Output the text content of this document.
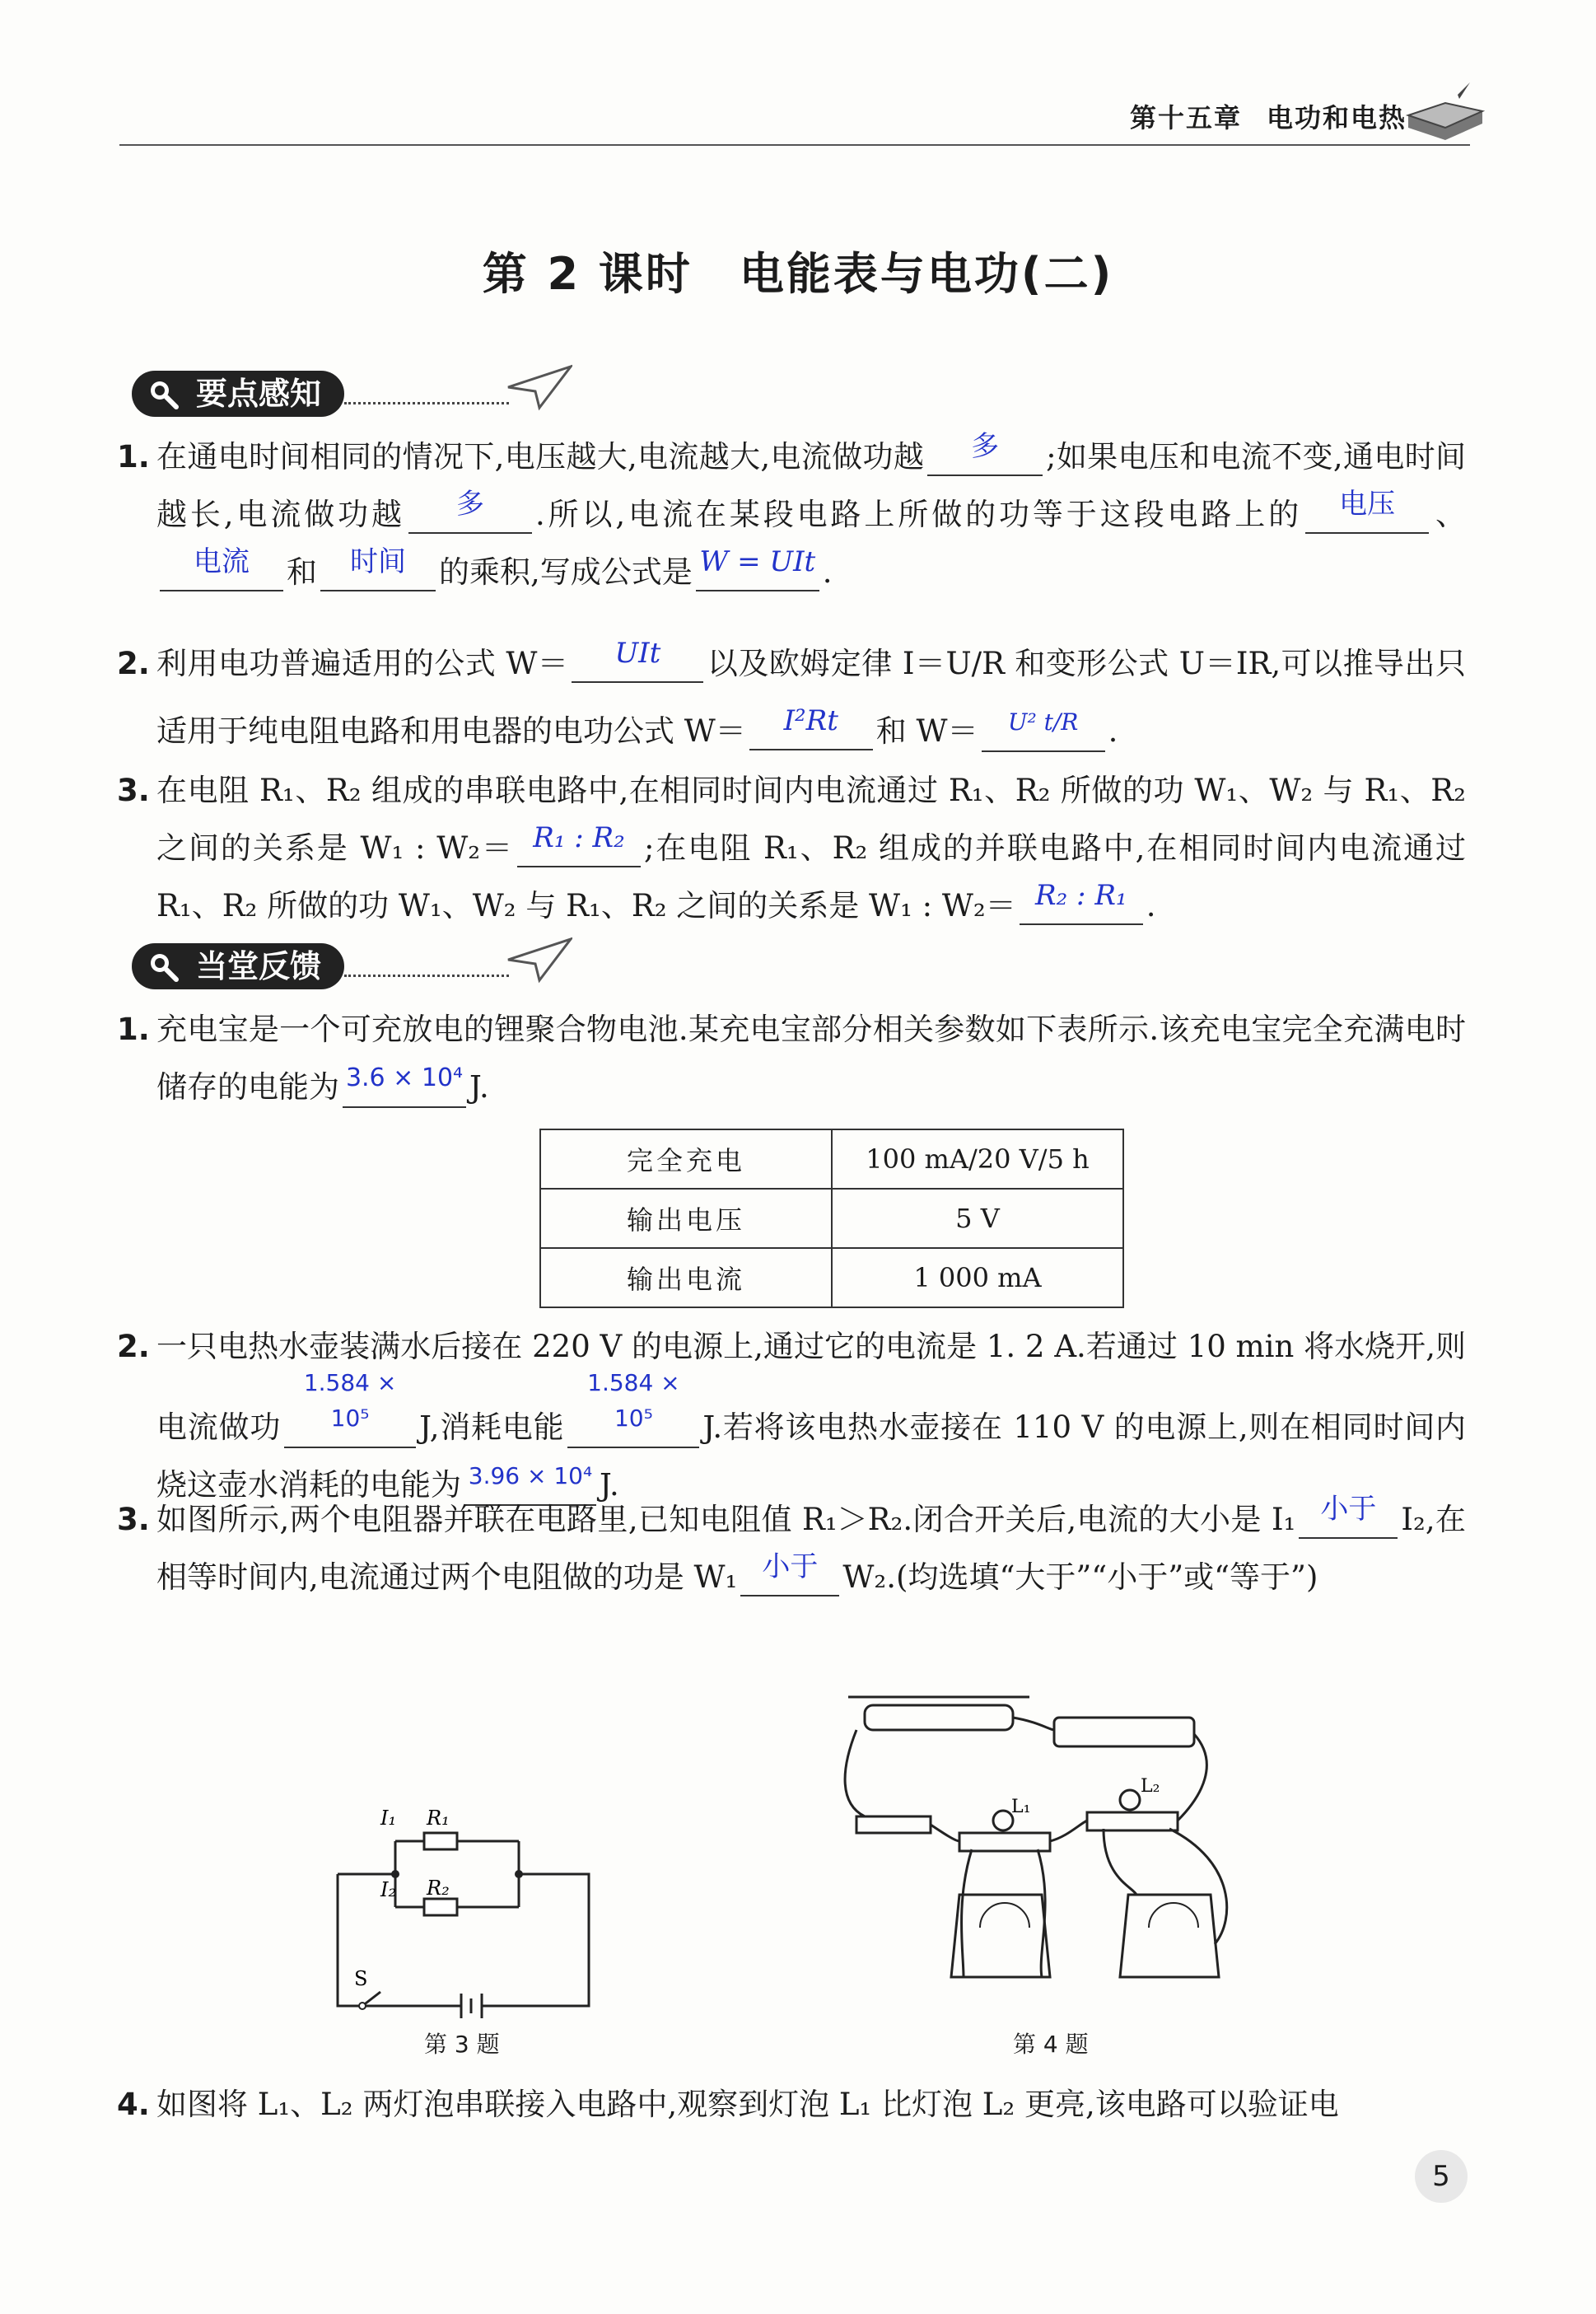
第十五章 电功和电热
第 2 课时　电能表与电功(二)
要点感知
1. 在通电时间相同的情况下,电压越大,电流越大,电流做功越 多 ;如果电压和电流不变,通电时间越长,电流做功越 多 .所以,电流在某段电路上所做的功等于这段电路上的 电压 、电流 和 时间 的乘积,写成公式是 W = UIt .
2. 利用电功普遍适用的公式 W＝ UIt 以及欧姆定律 I＝U/R 和变形公式 U＝IR,可以推导出只适用于纯电阻电路和用电器的电功公式 W＝ I²Rt 和 W＝ $^{U^2 t/R}$ .
3. 在电阻 R₁、R₂ 组成的串联电路中,在相同时间内电流通过 R₁、R₂ 所做的功 W₁、W₂ 与 R₁、R₂ 之间的关系是 W₁ : W₂＝ R₁ : R₂ ;在电阻 R₁、R₂ 组成的并联电路中,在相同时间内电流通过 R₁、R₂ 所做的功 W₁、W₂ 与 R₁、R₂ 之间的关系是 W₁ : W₂＝ R₂ : R₁ .
当堂反馈
1. 充电宝是一个可充放电的锂聚合物电池.某充电宝部分相关参数如下表所示.该充电宝完全充满电时储存的电能为 $^{3.6 \times 10^4}$ J.
完全充电	100 mA/20 V/5 h
输出电压	5 V
输出电流	1 000 mA
2. 一只电热水壶装满水后接在 220 V 的电源上,通过它的电流是 1. 2 A.若通过 10 min 将水烧开,则电流做功$^{1.584 \times 10^5}$ J,消耗电能$^{1.584 \times 10^5}$ J.若将该电热水壶接在 110 V 的电源上,则在相同时间内烧这壶水消耗的电能为 $^{3.96 \times 10^4}$ J.
3. 如图所示,两个电阻器并联在电路里,已知电阻值 R₁＞R₂.闭合开关后,电流的大小是 I₁ 小于 I₂,在相等时间内,电流通过两个电阻做的功是 W₁ 小于 W₂.(均选填“大于”“小于”或“等于”)
I₁ R₁
I₂ R₂
S
第 3 题
L₁
L₂
第 4 题
4. 如图将 L₁、L₂ 两灯泡串联接入电路中,观察到灯泡 L₁ 比灯泡 L₂ 更亮,该电路可以验证电
5
